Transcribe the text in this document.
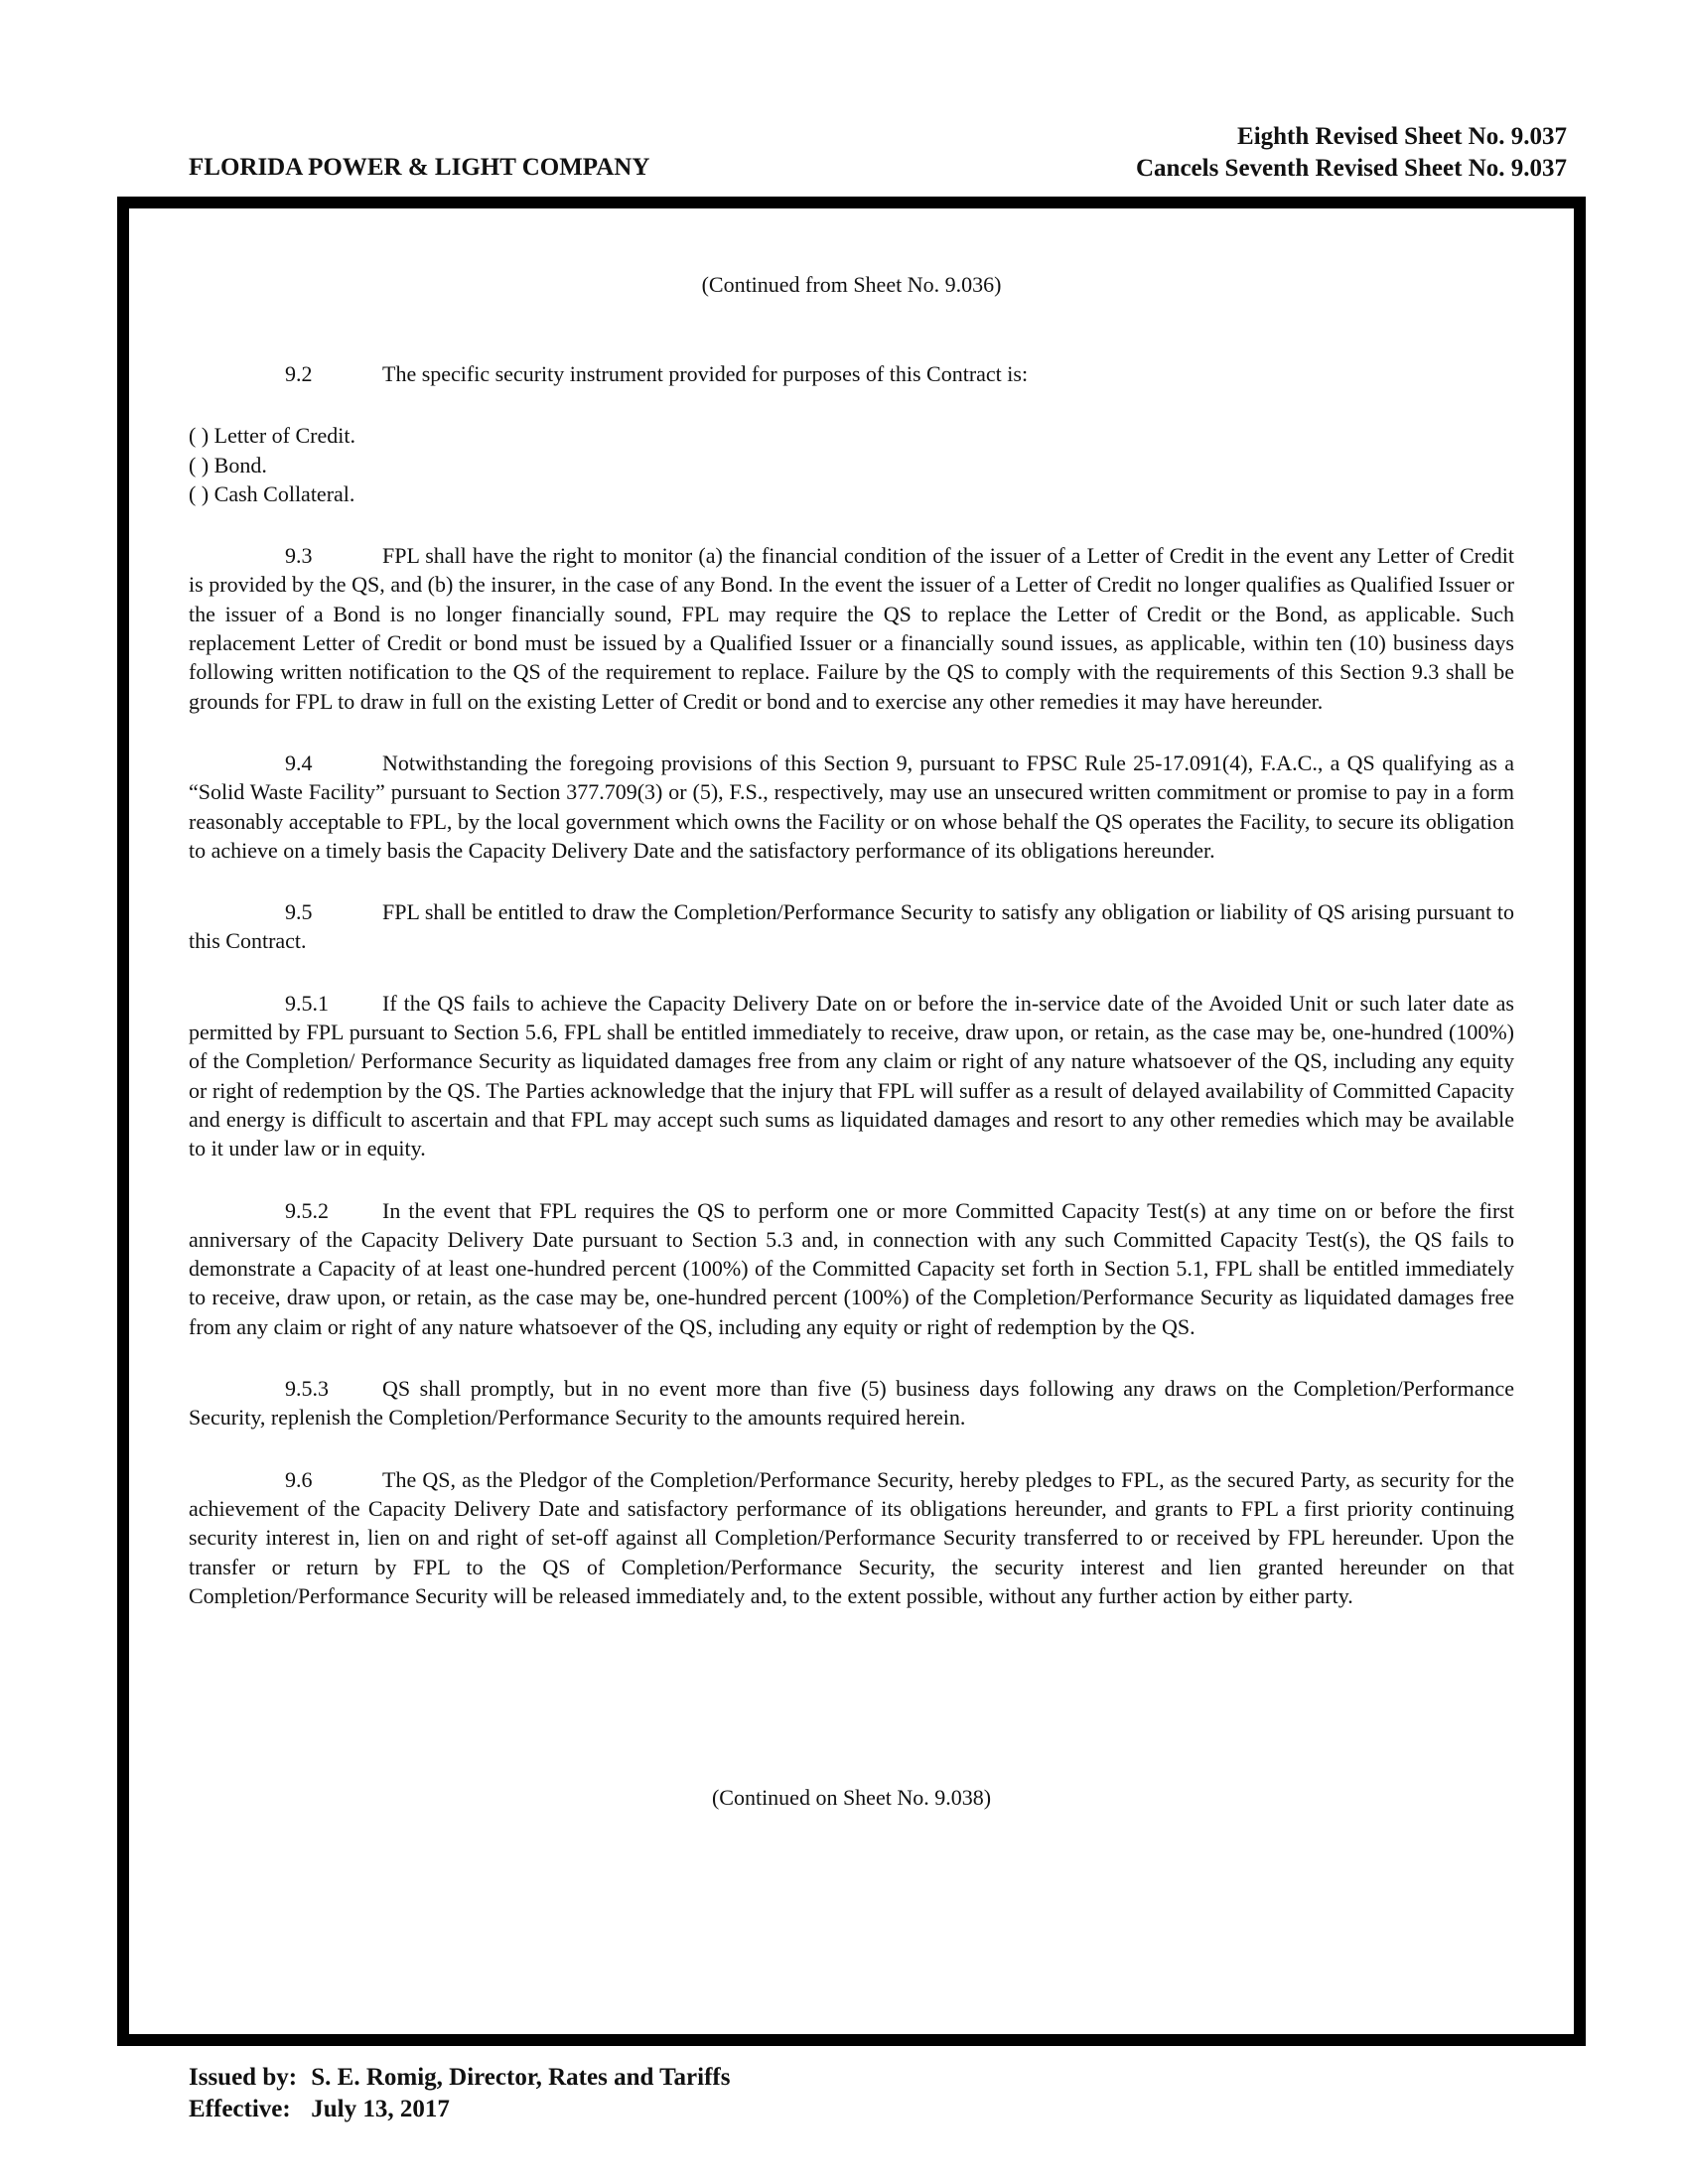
Eighth Revised Sheet No. 9.037
Cancels Seventh Revised Sheet No. 9.037
FLORIDA POWER & LIGHT COMPANY
(Continued from Sheet No. 9.036)

9.2	The specific security instrument provided for purposes of this Contract is:

( ) Letter of Credit.
( ) Bond.
( ) Cash Collateral.

9.3	FPL shall have the right to monitor (a) the financial condition of the issuer of a Letter of Credit in the event any Letter of Credit is provided by the QS, and (b) the insurer, in the case of any Bond. In the event the issuer of a Letter of Credit no longer qualifies as Qualified Issuer or the issuer of a Bond is no longer financially sound, FPL may require the QS to replace the Letter of Credit or the Bond, as applicable. Such replacement Letter of Credit or bond must be issued by a Qualified Issuer or a financially sound issues, as applicable, within ten (10) business days following written notification to the QS of the requirement to replace. Failure by the QS to comply with the requirements of this Section 9.3 shall be grounds for FPL to draw in full on the existing Letter of Credit or bond and to exercise any other remedies it may have hereunder.

9.4	Notwithstanding the foregoing provisions of this Section 9, pursuant to FPSC Rule 25-17.091(4), F.A.C., a QS qualifying as a “Solid Waste Facility” pursuant to Section 377.709(3) or (5), F.S., respectively, may use an unsecured written commitment or promise to pay in a form reasonably acceptable to FPL, by the local government which owns the Facility or on whose behalf the QS operates the Facility, to secure its obligation to achieve on a timely basis the Capacity Delivery Date and the satisfactory performance of its obligations hereunder.

9.5	FPL shall be entitled to draw the Completion/Performance Security to satisfy any obligation or liability of QS arising pursuant to this Contract.

9.5.1 If the QS fails to achieve the Capacity Delivery Date on or before the in-service date of the Avoided Unit or such later date as permitted by FPL pursuant to Section 5.6, FPL shall be entitled immediately to receive, draw upon, or retain, as the case may be, one-hundred (100%) of the Completion/ Performance Security as liquidated damages free from any claim or right of any nature whatsoever of the QS, including any equity or right of redemption by the QS. The Parties acknowledge that the injury that FPL will suffer as a result of delayed availability of Committed Capacity and energy is difficult to ascertain and that FPL may accept such sums as liquidated damages and resort to any other remedies which may be available to it under law or in equity.

9.5.2 In the event that FPL requires the QS to perform one or more Committed Capacity Test(s) at any time on or before the first anniversary of the Capacity Delivery Date pursuant to Section 5.3 and, in connection with any such Committed Capacity Test(s), the QS fails to demonstrate a Capacity of at least one-hundred percent (100%) of the Committed Capacity set forth in Section 5.1, FPL shall be entitled immediately to receive, draw upon, or retain, as the case may be, one-hundred percent (100%) of the Completion/Performance Security as liquidated damages free from any claim or right of any nature whatsoever of the QS, including any equity or right of redemption by the QS.

9.5.3 QS shall promptly, but in no event more than five (5) business days following any draws on the Completion/Performance Security, replenish the Completion/Performance Security to the amounts required herein.

9.6	The QS, as the Pledgor of the Completion/Performance Security, hereby pledges to FPL, as the secured Party, as security for the achievement of the Capacity Delivery Date and satisfactory performance of its obligations hereunder, and grants to FPL a first priority continuing security interest in, lien on and right of set-off against all Completion/Performance Security transferred to or received by FPL hereunder. Upon the transfer or return by FPL to the QS of Completion/Performance Security, the security interest and lien granted hereunder on that Completion/Performance Security will be released immediately and, to the extent possible, without any further action by either party.

(Continued on Sheet No. 9.038)
Issued by: S. E. Romig, Director, Rates and Tariffs
Effective: July 13, 2017
